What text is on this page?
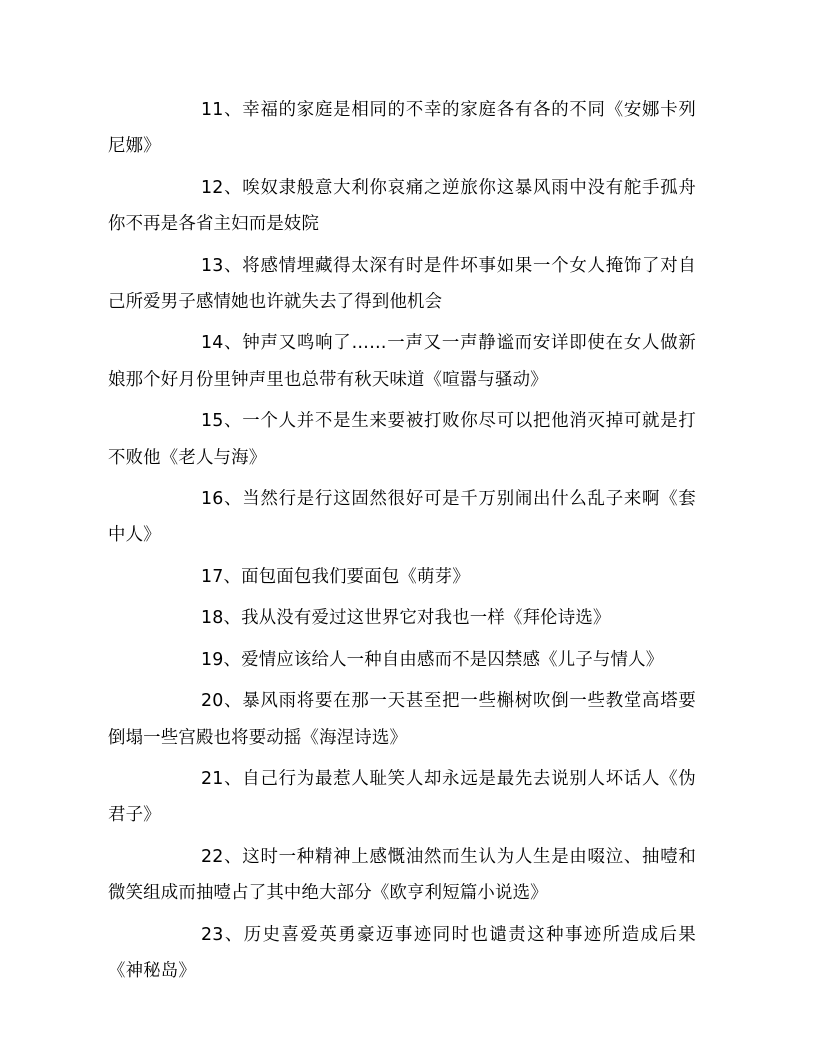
11、幸福的家庭是相同的不幸的家庭各有各的不同《安娜卡列尼娜》

12、唉奴隶般意大利你哀痛之逆旅你这暴风雨中没有舵手孤舟你不再是各省主妇而是妓院

13、将感情埋藏得太深有时是件坏事如果一个女人掩饰了对自己所爱男子感情她也许就失去了得到他机会

14、钟声又鸣响了……一声又一声静谧而安详即使在女人做新娘那个好月份里钟声里也总带有秋天味道《喧嚣与骚动》

15、一个人并不是生来要被打败你尽可以把他消灭掉可就是打不败他《老人与海》

16、当然行是行这固然很好可是千万别闹出什么乱子来啊《套中人》

17、面包面包我们要面包《萌芽》

18、我从没有爱过这世界它对我也一样《拜伦诗选》

19、爱情应该给人一种自由感而不是囚禁感《儿子与情人》

20、暴风雨将要在那一天甚至把一些槲树吹倒一些教堂高塔要倒塌一些宫殿也将要动摇《海涅诗选》

21、自己行为最惹人耻笑人却永远是最先去说别人坏话人《伪君子》

22、这时一种精神上感慨油然而生认为人生是由啜泣、抽噎和微笑组成而抽噎占了其中绝大部分《欧亨利短篇小说选》

23、历史喜爱英勇豪迈事迹同时也谴责这种事迹所造成后果《神秘岛》
